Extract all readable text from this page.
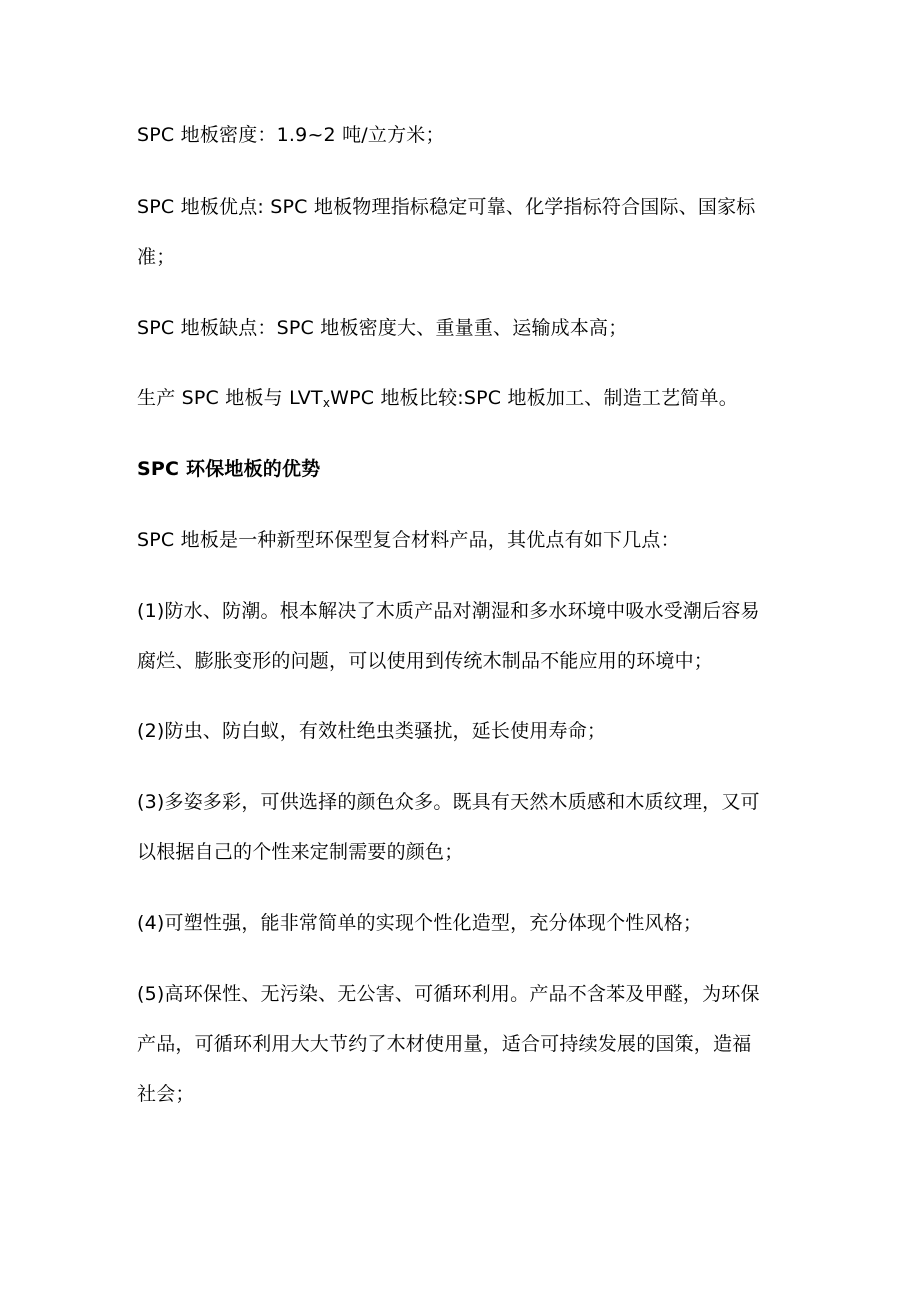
SPC 地板密度：1.9~2 吨/立方米；
SPC 地板优点: SPC 地板物理指标稳定可靠、化学指标符合国际、国家标
准；
SPC 地板缺点：SPC 地板密度大、重量重、运输成本高；
生产 SPC 地板与 $LVT_xWPC$ 地板比较:SPC 地板加工、制造工艺简单。
SPC 环保地板的优势
SPC 地板是一种新型环保型复合材料产品，其优点有如下几点：
(1)防水、防潮。根本解决了木质产品对潮湿和多水环境中吸水受潮后容易
腐烂、膨胀变形的问题，可以使用到传统木制品不能应用的环境中；
(2)防虫、防白蚁，有效杜绝虫类骚扰，延长使用寿命；
(3)多姿多彩，可供选择的颜色众多。既具有天然木质感和木质纹理，又可
以根据自己的个性来定制需要的颜色；
(4)可塑性强，能非常简单的实现个性化造型，充分体现个性风格；
(5)高环保性、无污染、无公害、可循环利用。产品不含苯及甲醛，为环保
产品，可循环利用大大节约了木材使用量，适合可持续发展的国策，造福
社会；
